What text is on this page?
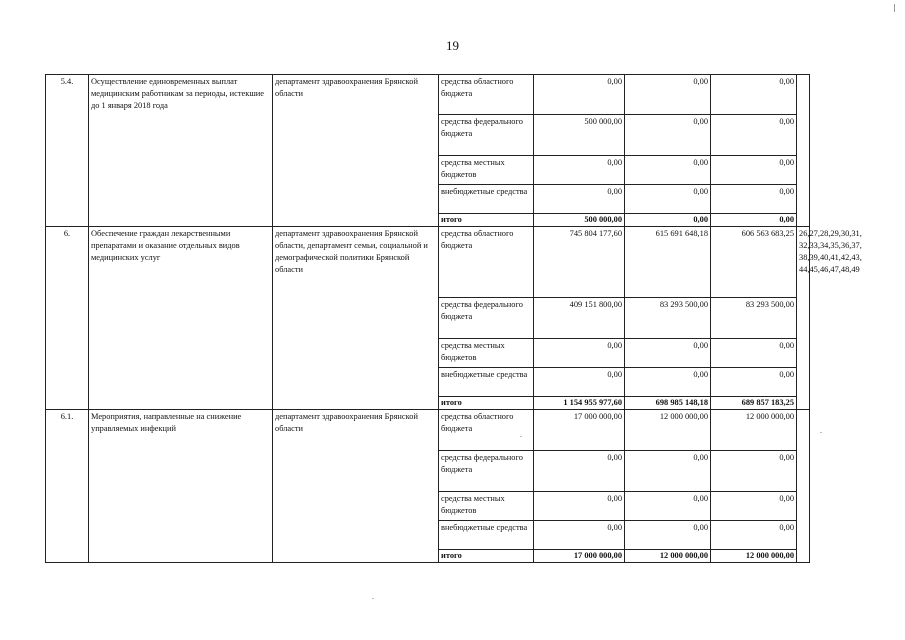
19
5.4.	Осуществление единовременных выплат медицинским работникам за периоды, истекшие до 1 января 2018 года	департамент здравоохранения Брянской области	средства областного бюджета	0,00	0,00	0,00	
			средства федерального бюджета	500 000,00	0,00	0,00	
			средства местных бюджетов	0,00	0,00	0,00	
			внебюджетные средства	0,00	0,00	0,00	
			итого	500 000,00	0,00	0,00	
6.	Обеспечение граждан лекарственными препаратами и оказание отдельных видов медицинских услуг	департамент здравоохранения Брянской области, департамент семьи, социальной и демографической политики Брянской области	средства областного бюджета	745 804 177,60	615 691 648,18	606 563 683,25	26,27,28,29,30,31, 32,33,34,35,36,37, 38,39,40,41,42,43, 44,45,46,47,48,49
			средства федерального бюджета	409 151 800,00	83 293 500,00	83 293 500,00	
			средства местных бюджетов	0,00	0,00	0,00	
			внебюджетные средства	0,00	0,00	0,00	
			итого	1 154 955 977,60	698 985 148,18	689 857 183,25	
6.1.	Мероприятия, направленные на снижение управляемых инфекций	департамент здравоохранения Брянской области	средства областного бюджета	17 000 000,00	12 000 000,00	12 000 000,00	
			средства федерального бюджета	0,00	0,00	0,00	
			средства местных бюджетов	0,00	0,00	0,00	
			внебюджетные средства	0,00	0,00	0,00	
			итого	17 000 000,00	12 000 000,00	12 000 000,00	
